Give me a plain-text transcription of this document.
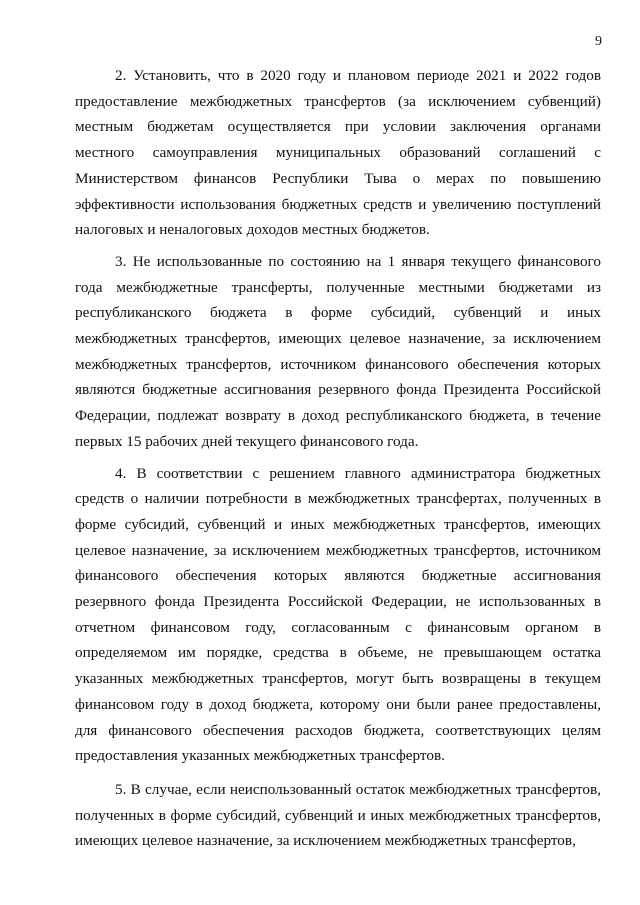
9

2. Установить, что в 2020 году и плановом периоде 2021 и 2022 годов предоставление межбюджетных трансфертов (за исключением субвенций) местным бюджетам осуществляется при условии заключения органами местного самоуправления муниципальных образований соглашений с Министерством финансов Республики Тыва о мерах по повышению эффективности использования бюджетных средств и увеличению поступлений налоговых и неналоговых доходов местных бюджетов.

3. Не использованные по состоянию на 1 января текущего финансового года межбюджетные трансферты, полученные местными бюджетами из республиканского бюджета в форме субсидий, субвенций и иных межбюджетных трансфертов, имеющих целевое назначение, за исключением межбюджетных трансфертов, источником финансового обеспечения которых являются бюджетные ассигнования резервного фонда Президента Российской Федерации, подлежат возврату в доход республиканского бюджета, в течение первых 15 рабочих дней текущего финансового года.

4. В соответствии с решением главного администратора бюджетных средств о наличии потребности в межбюджетных трансфертах, полученных в форме субсидий, субвенций и иных межбюджетных трансфертов, имеющих целевое назначение, за исключением межбюджетных трансфертов, источником финансового обеспечения которых являются бюджетные ассигнования резервного фонда Президента Российской Федерации, не использованных в отчетном финансовом году, согласованным с финансовым органом в определяемом им порядке, средства в объеме, не превышающем остатка указанных межбюджетных трансфертов, могут быть возвращены в текущем финансовом году в доход бюджета, которому они были ранее предоставлены, для финансового обеспечения расходов бюджета, соответствующих целям предоставления указанных межбюджетных трансфертов.

5. В случае, если неиспользованный остаток межбюджетных трансфертов, полученных в форме субсидий, субвенций и иных межбюджетных трансфертов, имеющих целевое назначение, за исключением межбюджетных трансфертов,
